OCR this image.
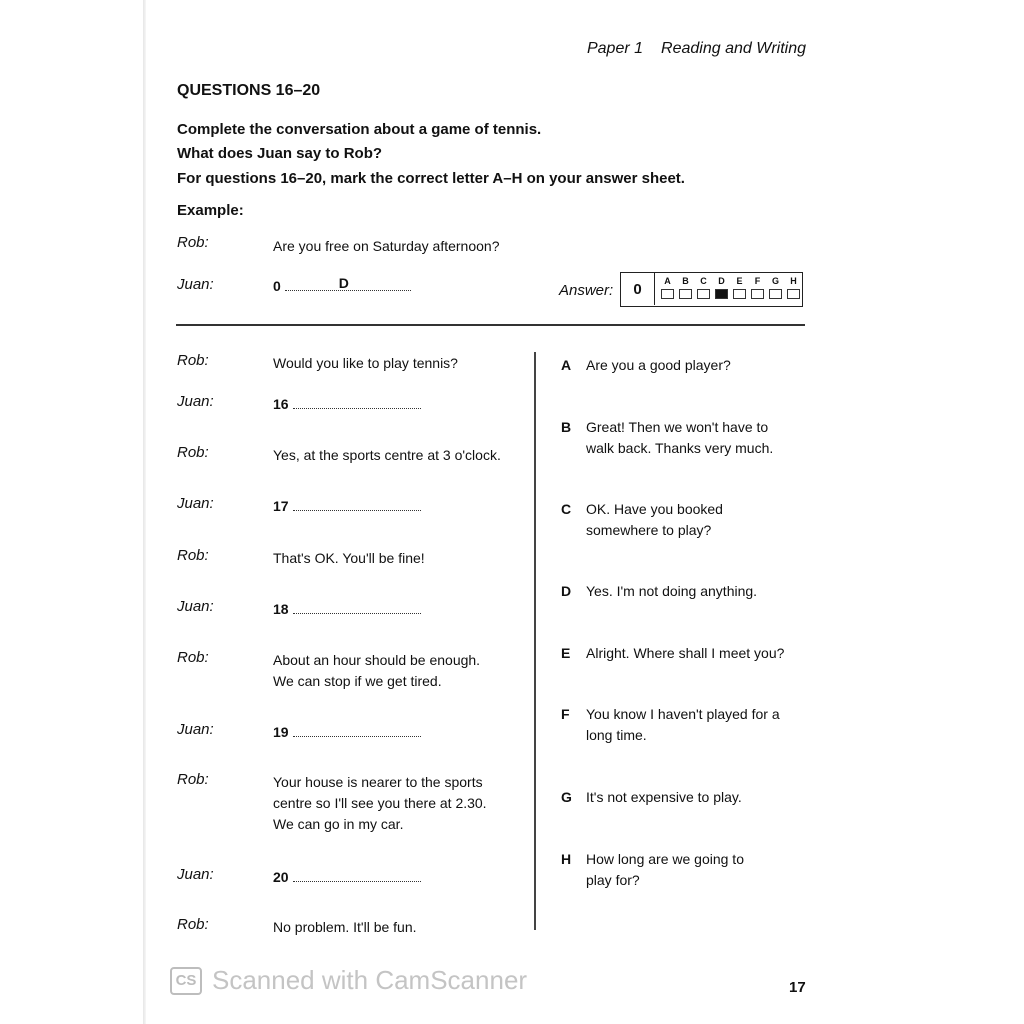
Paper 1 Reading and Writing
QUESTIONS 16–20
Complete the conversation about a game of tennis.
What does Juan say to Rob?
For questions 16–20, mark the correct letter A–H on your answer sheet.
Example:
Rob:	Are you free on Saturday afternoon?
Juan:	0	D	Answer:	0	A B C D E F G H
Rob:	Would you like to play tennis?
Juan:	16
Rob:	Yes, at the sports centre at 3 o'clock.
Juan:	17
Rob:	That's OK. You'll be fine!
Juan:	18
Rob:	About an hour should be enough.
We can stop if we get tired.
Juan:	19
Rob:	Your house is nearer to the sports
centre so I'll see you there at 2.30.
We can go in my car.
Juan:	20
Rob:	No problem. It'll be fun.
A Are you a good player?
B Great! Then we won't have to
walk back. Thanks very much.
C OK. Have you booked
somewhere to play?
D Yes. I'm not doing anything.
E Alright. Where shall I meet you?
F You know I haven't played for a
long time.
G It's not expensive to play.
H How long are we going to
play for?
CS Scanned with CamScanner	17
